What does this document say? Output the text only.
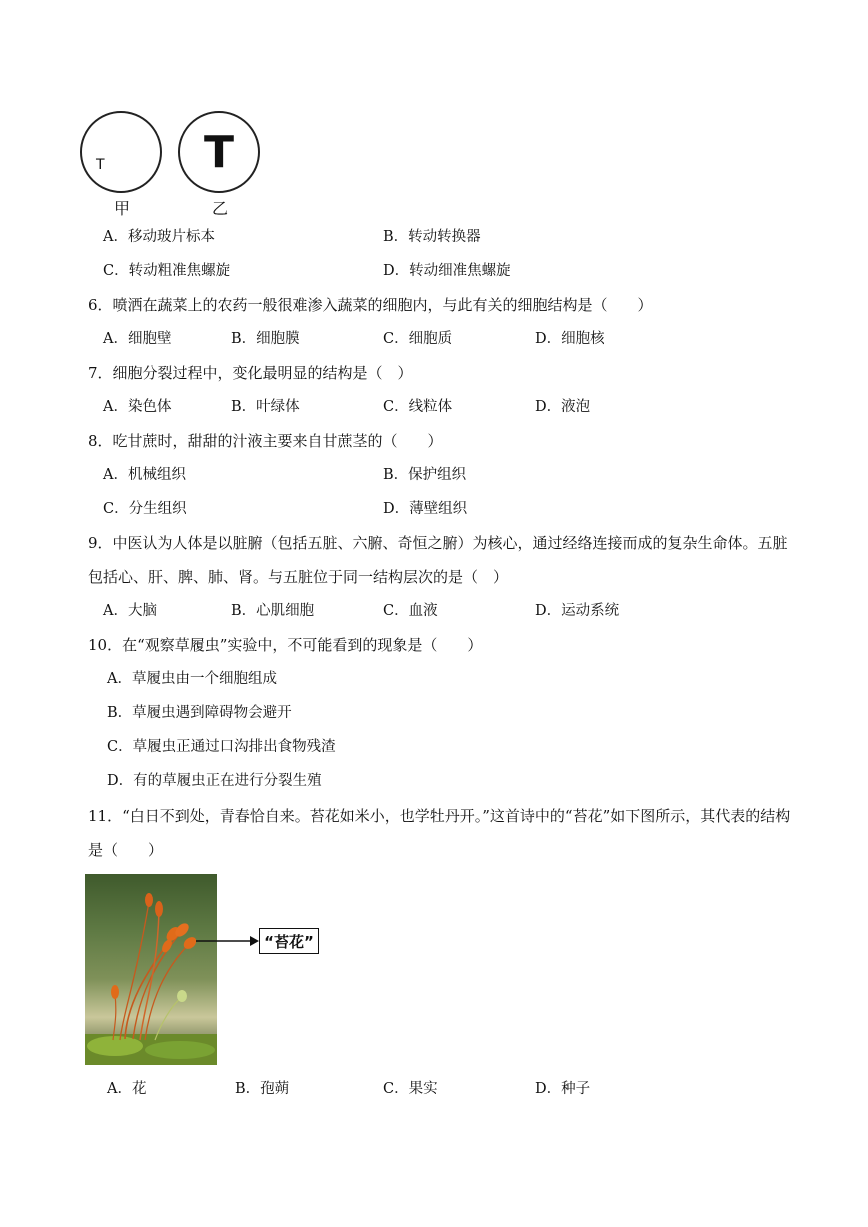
T T
甲	乙
A．移动玻片标本	B．转动转换器
C．转动粗准焦螺旋	D．转动细准焦螺旋
6．喷洒在蔬菜上的农药一般很难渗入蔬菜的细胞内，与此有关的细胞结构是（　　）
A．细胞壁	B．细胞膜	C．细胞质	D．细胞核
7．细胞分裂过程中，变化最明显的结构是（　）
A．染色体	B．叶绿体	C．线粒体	D．液泡
8．吃甘蔗时，甜甜的汁液主要来自甘蔗茎的（　　）
A．机械组织	B．保护组织
C．分生组织	D．薄壁组织
9．中医认为人体是以脏腑（包括五脏、六腑、奇恒之腑）为核心，通过经络连接而成的复杂生命体。五脏
包括心、肝、脾、肺、肾。与五脏位于同一结构层次的是（　）
A．大脑	B．心肌细胞	C．血液	D．运动系统
10．在“观察草履虫”实验中，不可能看到的现象是（　　）
A．草履虫由一个细胞组成
B．草履虫遇到障碍物会避开
C．草履虫正通过口沟排出食物残渣
D．有的草履虫正在进行分裂生殖
11．“白日不到处，青春恰自来。苔花如米小，也学牡丹开。”这首诗中的“苔花”如下图所示，其代表的结构
是（　　）
“苔花”
A．花	B．孢蒴	C．果实	D．种子
